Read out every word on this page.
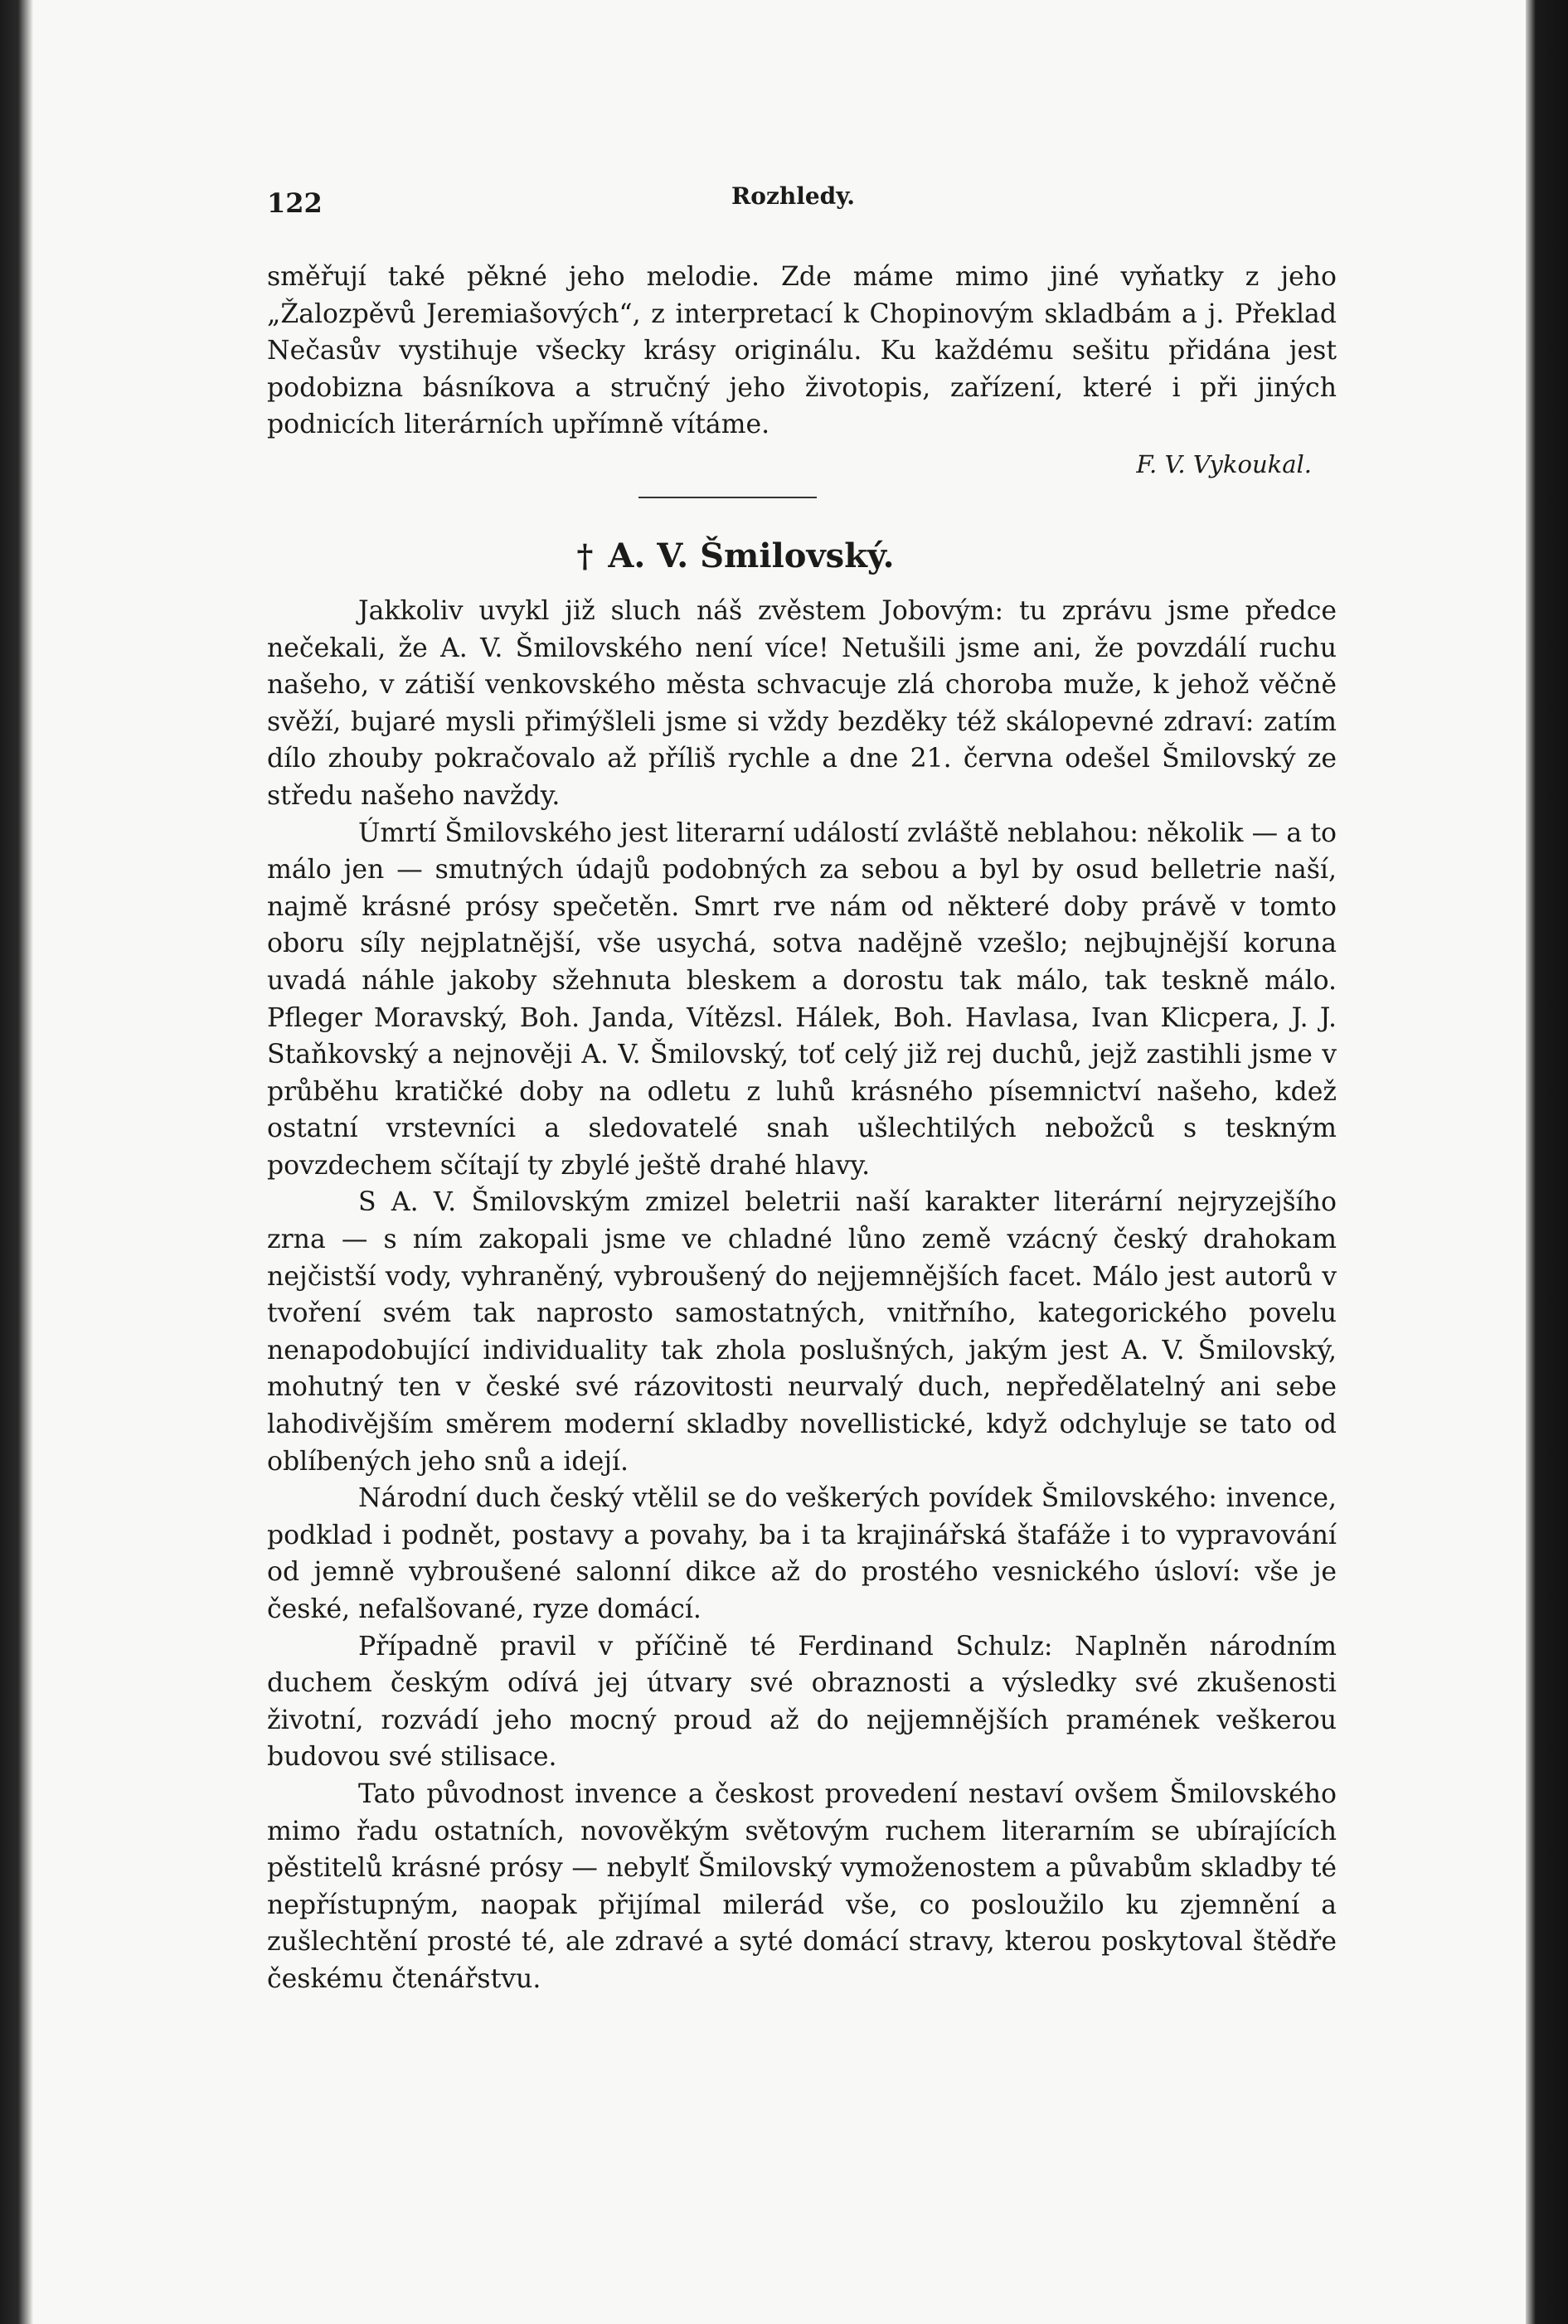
122	Rozhledy.

směřují také pěkné jeho melodie. Zde máme mimo jiné vyňatky z jeho „Žalozpěvů Jeremiašových“, z interpretací k Chopinovým skladbám a j. Překlad Nečasův vystihuje všecky krásy originálu. Ku každému sešitu přidána jest podobizna básníkova a stručný jeho životopis, zařízení, které i při jiných podnicích literárních upřímně vítáme.

F. V. Vykoukal.

† A. V. Šmilovský.

Jakkoliv uvykl již sluch náš zvěstem Jobovým: tu zprávu jsme předce nečekali, že A. V. Šmilovského není více! Netušili jsme ani, že povzdálí ruchu našeho, v zátiší venkovského města schvacuje zlá choroba muže, k jehož věčně svěží, bujaré mysli přimýšleli jsme si vždy bezděky též skálopevné zdraví: zatím dílo zhouby pokračovalo až příliš rychle a dne 21. června odešel Šmilovský ze středu našeho navždy.

Úmrtí Šmilovského jest literarní událostí zvláště neblahou: několik — a to málo jen — smutných údajů podobných za sebou a byl by osud belletrie naší, najmě krásné prósy spečetěn. Smrt rve nám od některé doby právě v tomto oboru síly nejplatnější, vše usychá, sotva nadějně vzešlo; nejbujnější koruna uvadá náhle jakoby sžehnuta bleskem a dorostu tak málo, tak teskně málo. Pfleger Moravský, Boh. Janda, Vítězsl. Hálek, Boh. Havlasa, Ivan Klicpera, J. J. Staňkovský a nejnověji A. V. Šmilovský, toť celý již rej duchů, jejž zastihli jsme v průběhu kratičké doby na odletu z luhů krásného písemnictví našeho, kdež ostatní vrstevníci a sledovatelé snah ušlechtilých nebožců s teskným povzdechem sčítají ty zbylé ještě drahé hlavy.

S A. V. Šmilovským zmizel beletrii naší karakter literární nejryzejšího zrna — s ním zakopali jsme ve chladné lůno země vzácný český drahokam nejčistší vody, vyhraněný, vybroušený do nejjemnějších facet. Málo jest autorů v tvoření svém tak naprosto samostatných, vnitřního, kategorického povelu nenapodobující individuality tak zhola poslušných, jakým jest A. V. Šmilovský, mohutný ten v české své rázovitosti neurvalý duch, nepředělatelný ani sebe lahodivějším směrem moderní skladby novellistické, když odchyluje se tato od oblíbených jeho snů a idejí.

Národní duch český vtělil se do veškerých povídek Šmilovského: invence, podklad i podnět, postavy a povahy, ba i ta krajinářská štafáže i to vypravování od jemně vybroušené salonní dikce až do prostého vesnického úsloví: vše je české, nefalšované, ryze domácí.

Případně pravil v příčině té Ferdinand Schulz: Naplněn národním duchem českým odívá jej útvary své obraznosti a výsledky své zkušenosti životní, rozvádí jeho mocný proud až do nejjemnějších pramének veškerou budovou své stilisace.

Tato původnost invence a českost provedení nestaví ovšem Šmilovského mimo řadu ostatních, novověkým světovým ruchem literarním se ubírajících pěstitelů krásné prósy — nebylť Šmilovský vymoženostem a půvabům skladby té nepřístupným, naopak přijímal milerád vše, co posloužilo ku zjemnění a zušlechtění prosté té, ale zdravé a syté domácí stravy, kterou poskytoval štědře českému čtenářstvu.
